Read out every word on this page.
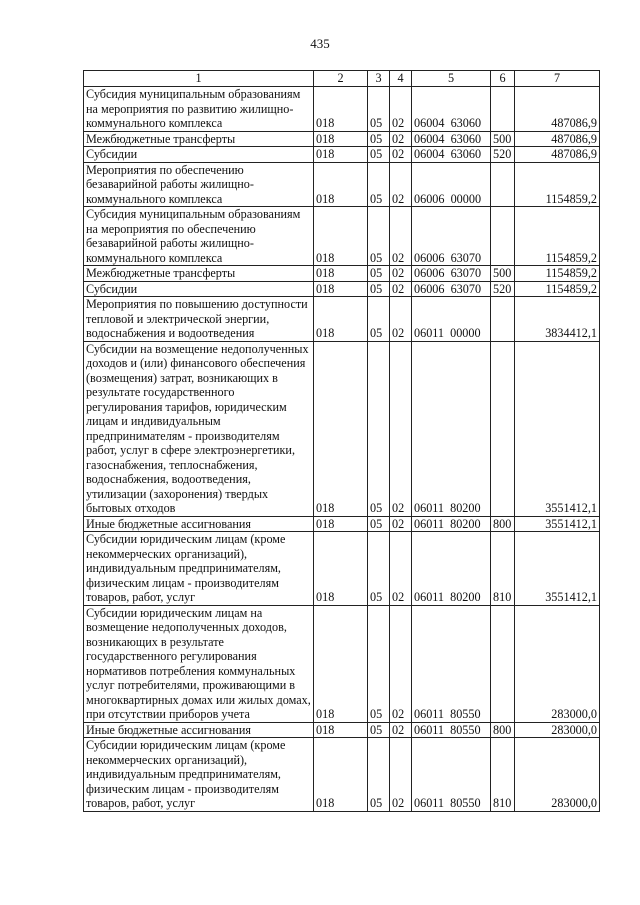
435
1	2	3	4	5	6	7
Субсидия муниципальным образованиям на мероприятия по развитию жилищно-коммунального комплекса	018	05	02	06004  63060		487086,9
Межбюджетные трансферты	018	05	02	06004  63060	500	487086,9
Субсидии	018	05	02	06004  63060	520	487086,9
Мероприятия по обеспечению безаварийной работы жилищно-коммунального комплекса	018	05	02	06006  00000		1154859,2
Субсидия муниципальным образованиям на мероприятия по обеспечению безаварийной работы жилищно-коммунального комплекса	018	05	02	06006  63070		1154859,2
Межбюджетные трансферты	018	05	02	06006  63070	500	1154859,2
Субсидии	018	05	02	06006  63070	520	1154859,2
Мероприятия по повышению доступности тепловой и электрической энергии, водоснабжения и водоотведения	018	05	02	06011  00000		3834412,1
Субсидии на возмещение недополученных доходов и (или) финансового обеспечения (возмещения) затрат, возникающих в результате государственного регулирования тарифов, юридическим лицам и индивидуальным предпринимателям - производителям работ, услуг в сфере электроэнергетики, газоснабжения, теплоснабжения, водоснабжения, водоотведения, утилизации (захоронения) твердых бытовых отходов	018	05	02	06011  80200		3551412,1
Иные бюджетные ассигнования	018	05	02	06011  80200	800	3551412,1
Субсидии юридическим лицам (кроме некоммерческих организаций), индивидуальным предпринимателям, физическим лицам - производителям товаров, работ, услуг	018	05	02	06011  80200	810	3551412,1
Субсидии юридическим лицам на возмещение недополученных доходов, возникающих в результате государственного регулирования нормативов потребления коммунальных услуг потребителями, проживающими в многоквартирных домах или жилых домах, при отсутствии приборов учета	018	05	02	06011  80550		283000,0
Иные бюджетные ассигнования	018	05	02	06011  80550	800	283000,0
Субсидии юридическим лицам (кроме некоммерческих организаций), индивидуальным предпринимателям, физическим лицам - производителям товаров, работ, услуг	018	05	02	06011  80550	810	283000,0
